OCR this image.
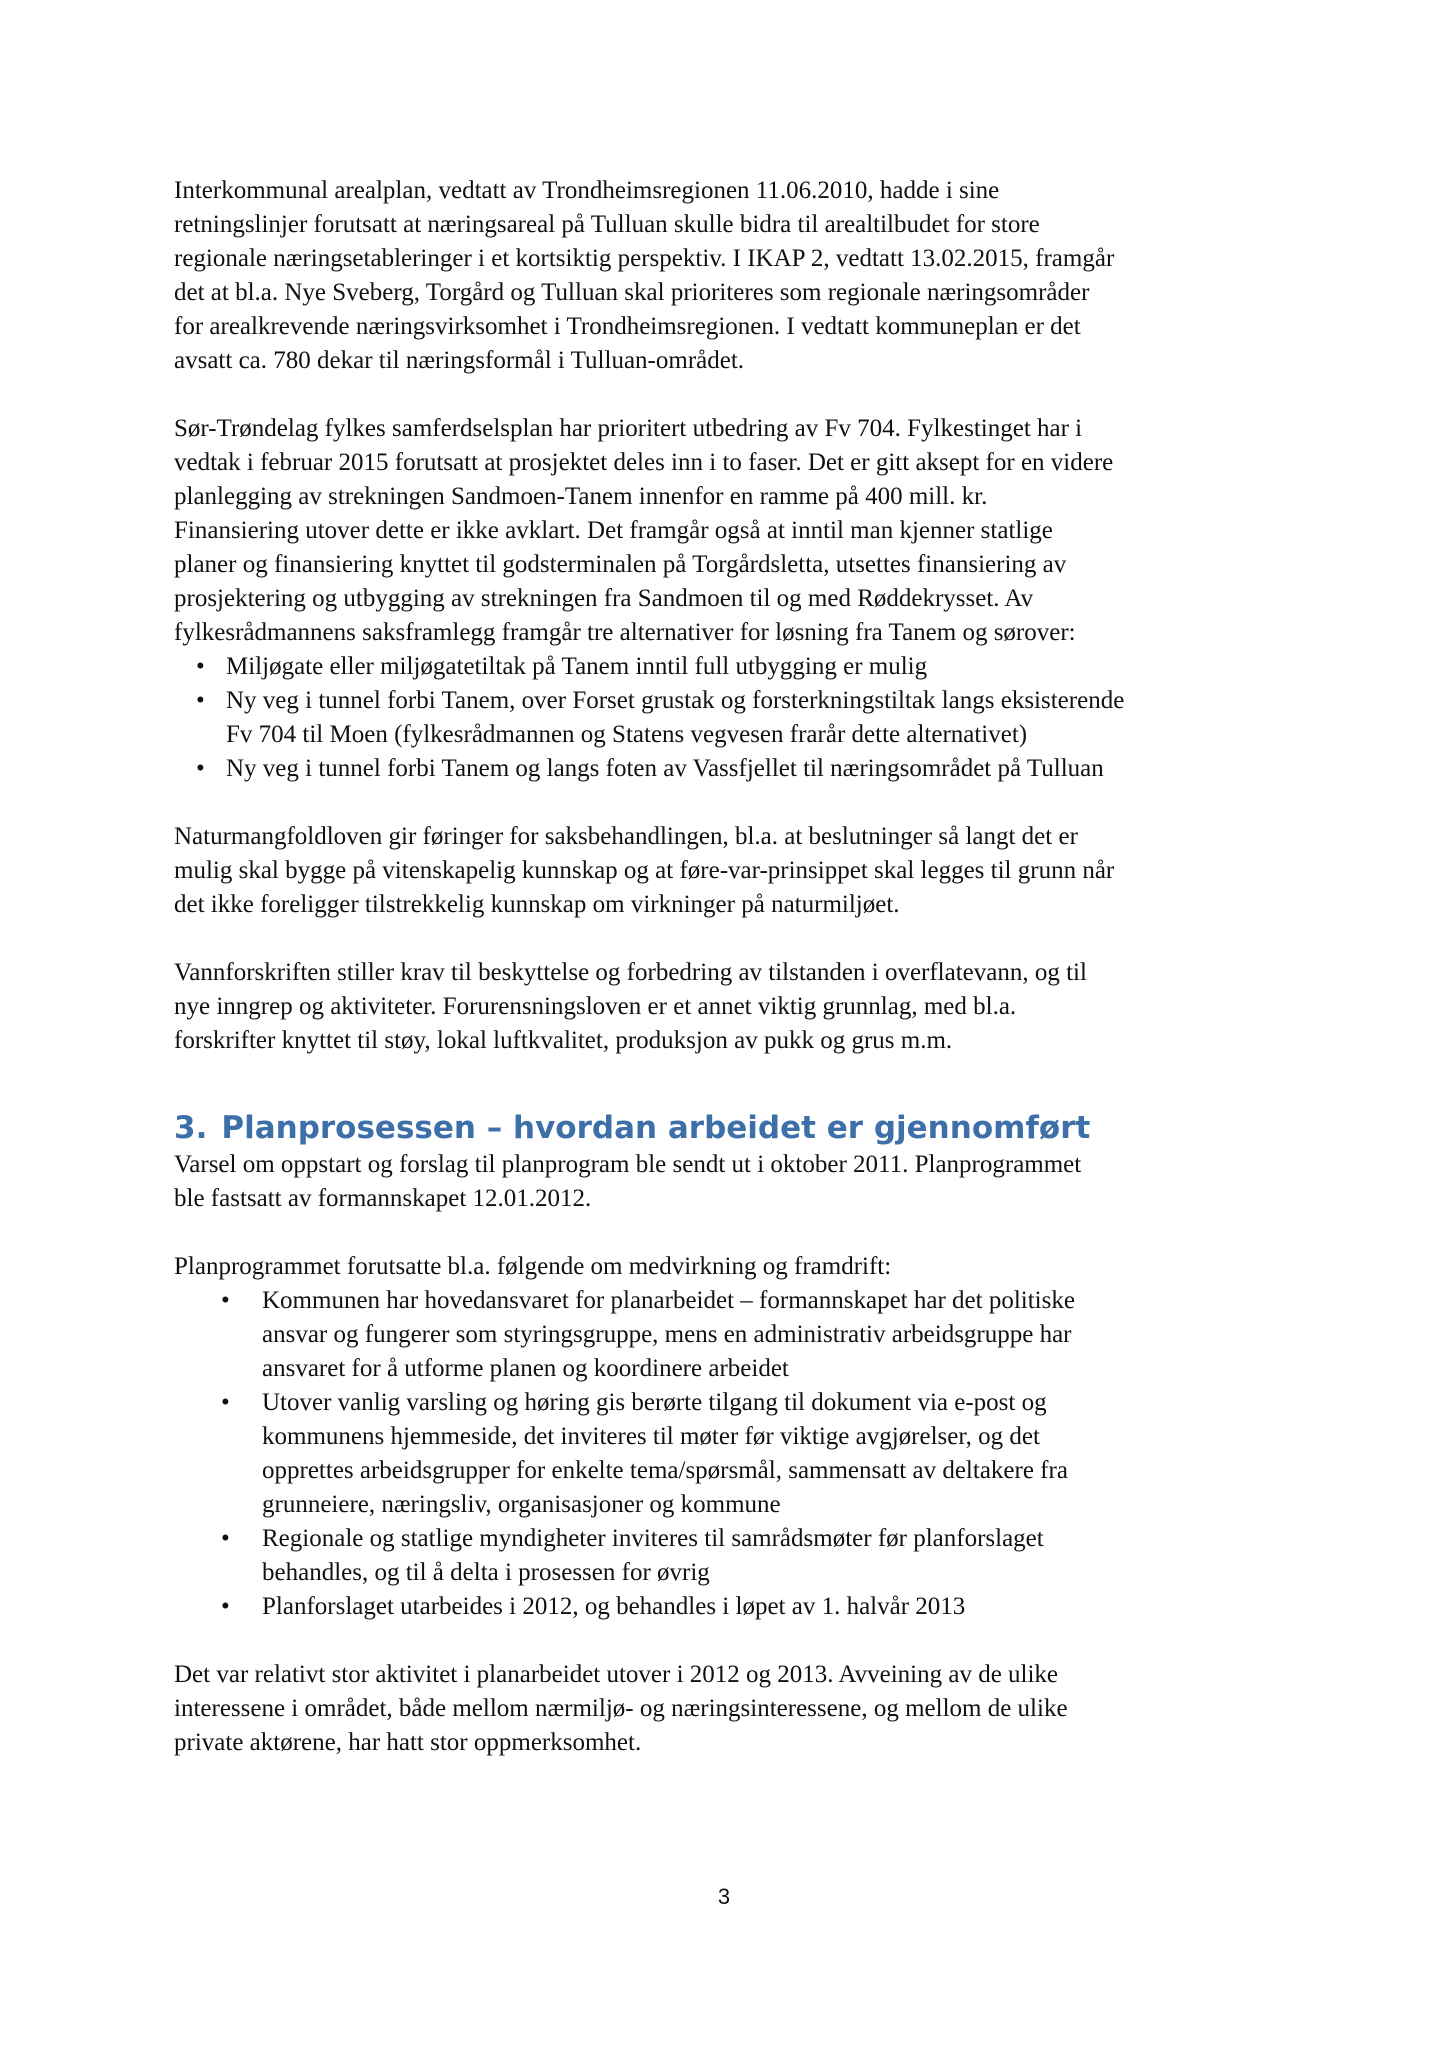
Interkommunal arealplan, vedtatt av Trondheimsregionen 11.06.2010, hadde i sine
retningslinjer forutsatt at næringsareal på Tulluan skulle bidra til arealtilbudet for store
regionale næringsetableringer i et kortsiktig perspektiv. I IKAP 2, vedtatt 13.02.2015, framgår
det at bl.a. Nye Sveberg, Torgård og Tulluan skal prioriteres som regionale næringsområder
for arealkrevende næringsvirksomhet i Trondheimsregionen. I vedtatt kommuneplan er det
avsatt ca. 780 dekar til næringsformål i Tulluan-området.

Sør-Trøndelag fylkes samferdselsplan har prioritert utbedring av Fv 704. Fylkestinget har i
vedtak i februar 2015 forutsatt at prosjektet deles inn i to faser. Det er gitt aksept for en videre
planlegging av strekningen Sandmoen-Tanem innenfor en ramme på 400 mill. kr.
Finansiering utover dette er ikke avklart. Det framgår også at inntil man kjenner statlige
planer og finansiering knyttet til godsterminalen på Torgårdsletta, utsettes finansiering av
prosjektering og utbygging av strekningen fra Sandmoen til og med Røddekrysset. Av
fylkesrådmannens saksframlegg framgår tre alternativer for løsning fra Tanem og sørover:

• Miljøgate eller miljøgatetiltak på Tanem inntil full utbygging er mulig
• Ny veg i tunnel forbi Tanem, over Forset grustak og forsterkningstiltak langs eksisterende
Fv 704 til Moen (fylkesrådmannen og Statens vegvesen frarår dette alternativet)
• Ny veg i tunnel forbi Tanem og langs foten av Vassfjellet til næringsområdet på Tulluan

Naturmangfoldloven gir føringer for saksbehandlingen, bl.a. at beslutninger så langt det er
mulig skal bygge på vitenskapelig kunnskap og at føre-var-prinsippet skal legges til grunn når
det ikke foreligger tilstrekkelig kunnskap om virkninger på naturmiljøet.

Vannforskriften stiller krav til beskyttelse og forbedring av tilstanden i overflatevann, og til
nye inngrep og aktiviteter. Forurensningsloven er et annet viktig grunnlag, med bl.a.
forskrifter knyttet til støy, lokal luftkvalitet, produksjon av pukk og grus m.m.

3. Planprosessen – hvordan arbeidet er gjennomført

Varsel om oppstart og forslag til planprogram ble sendt ut i oktober 2011. Planprogrammet
ble fastsatt av formannskapet 12.01.2012.

Planprogrammet forutsatte bl.a. følgende om medvirkning og framdrift:

• Kommunen har hovedansvaret for planarbeidet – formannskapet har det politiske
ansvar og fungerer som styringsgruppe, mens en administrativ arbeidsgruppe har
ansvaret for å utforme planen og koordinere arbeidet
• Utover vanlig varsling og høring gis berørte tilgang til dokument via e-post og
kommunens hjemmeside, det inviteres til møter før viktige avgjørelser, og det
opprettes arbeidsgrupper for enkelte tema/spørsmål, sammensatt av deltakere fra
grunneiere, næringsliv, organisasjoner og kommune
• Regionale og statlige myndigheter inviteres til samrådsmøter før planforslaget
behandles, og til å delta i prosessen for øvrig
• Planforslaget utarbeides i 2012, og behandles i løpet av 1. halvår 2013

Det var relativt stor aktivitet i planarbeidet utover i 2012 og 2013. Avveining av de ulike
interessene i området, både mellom nærmiljø- og næringsinteressene, og mellom de ulike
private aktørene, har hatt stor oppmerksomhet.

3
